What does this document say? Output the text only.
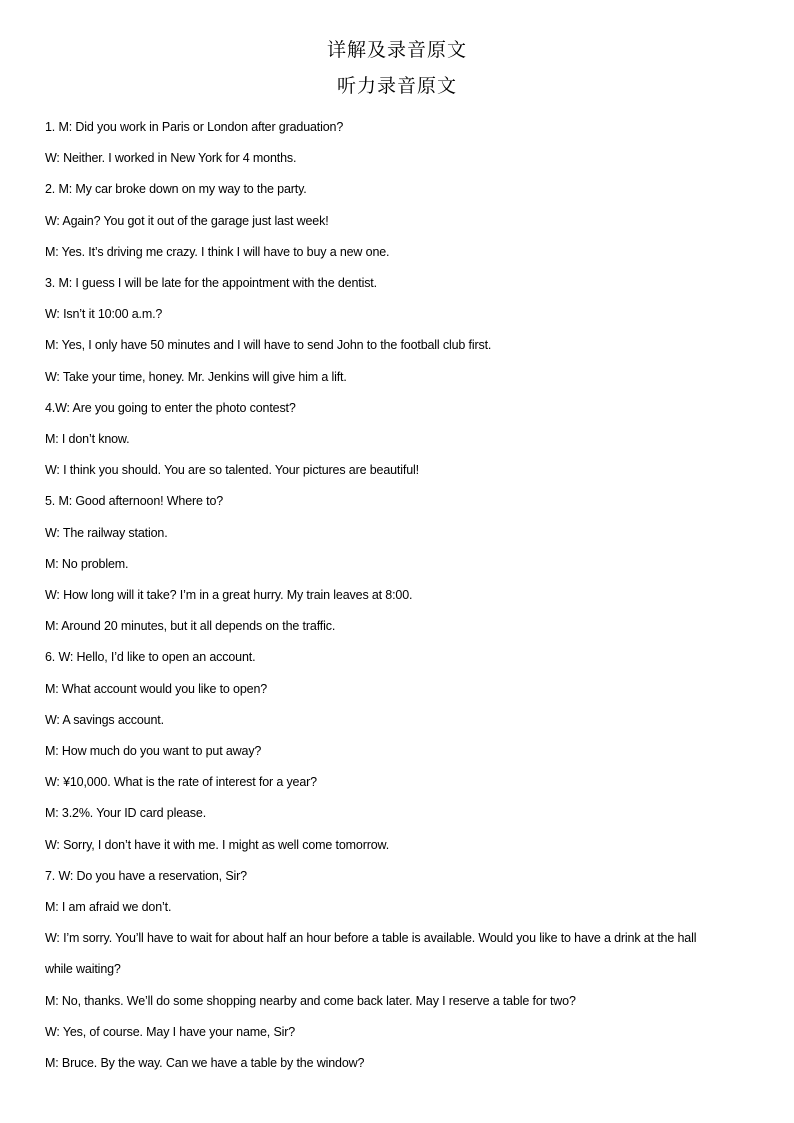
详解及录音原文
听力录音原文
1. M: Did you work in Paris or London after graduation?
W: Neither. I worked in New York for 4 months.
2. M: My car broke down on my way to the party.
W: Again? You got it out of the garage just last week!
M: Yes. It’s driving me crazy. I think I will have to buy a new one.
3. M: I guess I will be late for the appointment with the dentist.
W: Isn’t it 10:00 a.m.?
M: Yes, I only have 50 minutes and I will have to send John to the football club first.
W: Take your time, honey. Mr. Jenkins will give him a lift.
4.W: Are you going to enter the photo contest?
M: I don’t know.
W: I think you should. You are so talented. Your pictures are beautiful!
5. M: Good afternoon! Where to?
W: The railway station.
M: No problem.
W: How long will it take? I’m in a great hurry. My train leaves at 8:00.
M: Around 20 minutes, but it all depends on the traffic.
6. W: Hello, I’d like to open an account.
M: What account would you like to open?
W: A savings account.
M: How much do you want to put away?
W: ¥10,000. What is the rate of interest for a year?
M: 3.2%. Your ID card please.
W: Sorry, I don’t have it with me. I might as well come tomorrow.
7. W: Do you have a reservation, Sir?
M: I am afraid we don’t.
W: I’m sorry. You’ll have to wait for about half an hour before a table is available. Would you like to have a drink at the hall
while waiting?
M: No, thanks. We’ll do some shopping nearby and come back later. May I reserve a table for two?
W: Yes, of course. May I have your name, Sir?
M: Bruce. By the way. Can we have a table by the window?
